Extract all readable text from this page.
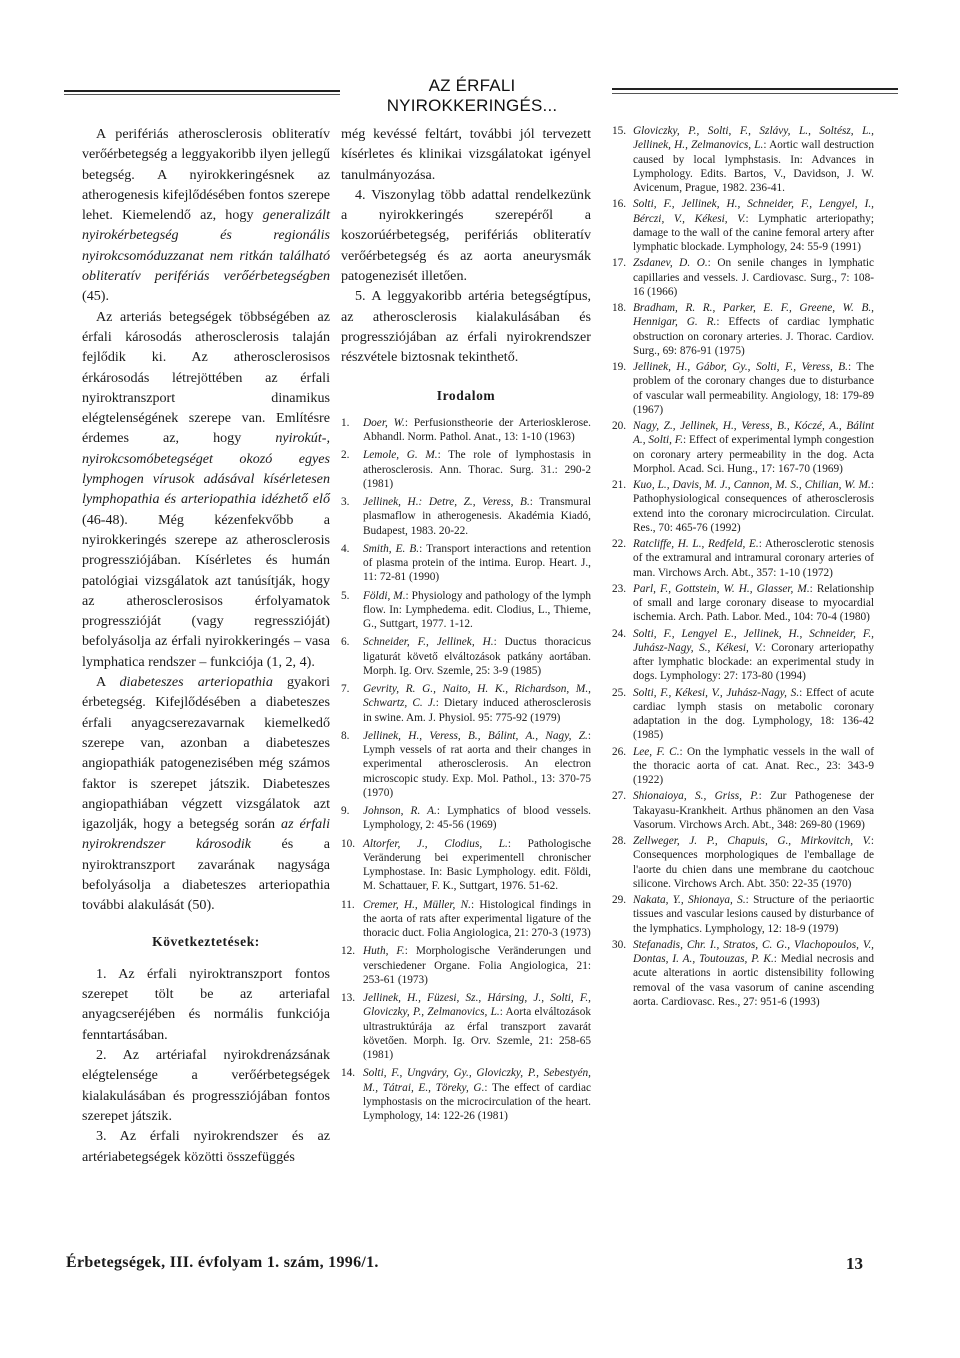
AZ ÉRFALI NYIROKKERINGÉS...

A perifériás atherosclerosis obliteratív verőérbetegség a leggyakoribb ilyen jellegű betegség. A nyirokkeringésnek az atherogenesis kifejlődésében fontos szerepe lehet. Kiemelendő az, hogy generalizált nyirokérbetegség és regionális nyirokcsomóduzzanat nem ritkán található obliteratív perifériás verőérbetegségben (45).

Az arteriás betegségek többségében az érfali károsodás atherosclerosis talaján fejlődik ki. Az atherosclerosisos érkárosodás létrejöttében az érfali nyiroktranszport dinamikus elégtelenségének szerepe van. Említésre érdemes az, hogy nyirokút-, nyirokcsomóbetegséget okozó egyes lymphogen vírusok adásával kísérletesen lymphopathia és arteriopathia idézhető elő (46-48). Még kézenfekvőbb a nyirokkeringés szerepe az atherosclerosis progressziójában. Kísérletes és humán patológiai vizsgálatok azt tanúsítják, hogy az atherosclerosisos érfolyamatok progresszióját (vagy regresszióját) befolyásolja az érfali nyirokkeringés – vasa lymphatica rendszer – funkciója (1, 2, 4).

A diabeteszes arteriopathia gyakori érbetegség. Kifejlődésében a diabeteszes érfali anyagcserezavarnak kiemelkedő szerepe van, azonban a diabeteszes angiopathiák patogenezisében még számos faktor is szerepet játszik. Diabeteszes angiopathiában végzett vizsgálatok azt igazolják, hogy a betegség során az érfali nyirokrendszer károsodik és a nyiroktranszport zavarának nagysága befolyásolja a diabeteszes arteriopathia további alakulását (50).

Következtetések:

1. Az érfali nyiroktranszport fontos szerepet tölt be az arteriafal anyagcseréjében és normális funkciója fenntartásában.

2. Az artériafal nyirokdrenázsának elégtelensége a verőérbetegségek kialakulásában és progressziójában fontos szerepet játszik.

3. Az érfali nyirokrendszer és az artériabetegségek közötti összefüggés

még kevéssé feltárt, további jól tervezett kísérletes és klinikai vizsgálatokat igényel tanulmányozása.

4. Viszonylag több adattal rendelkezünk a nyirokkeringés szerepéről a koszorúérbetegség, perifériás obliteratív verőérbetegség és az aorta aneurysmák patogenezisét illetően.

5. A leggyakoribb artéria betegségtípus, az atherosclerosis kialakulásában és progressziójában az érfali nyirokrendszer részvétele biztosnak tekinthető.

Irodalom
1.	Doer, W.: Perfusionstheorie der Arteriosklerose. Abhandl. Norm. Pathol. Anat., 13: 1-10 (1963)
2.	Lemole, G. M.: The role of lymphostasis in atherosclerosis. Ann. Thorac. Surg. 31.: 290-2 (1981)
3.	Jellinek, H.: Detre, Z., Veress, B.: Transmural plasmaflow in atherogenesis. Akadémia Kiadó, Budapest, 1983. 20-22.
4.	Smith, E. B.: Transport interactions and retention of plasma protein of the intima. Europ. Heart. J., 11: 72-81 (1990)
5.	Földi, M.: Physiology and pathology of the lymph flow. In: Lymphedema. edit. Clodius, L., Thieme, G., Suttgart, 1977. 1-12.
6.	Schneider, F., Jellinek, H.: Ductus thoracicus ligaturát követő elváltozások patkány aortában. Morph. Ig. Orv. Szemle, 25: 3-9 (1985)
7.	Gevrity, R. G., Naito, H. K., Richardson, M., Schwartz, C. J.: Dietary induced atherosclerosis in swine. Am. J. Physiol. 95: 775-92 (1979)
8.	Jellinek, H., Veress, B., Bálint, A., Nagy, Z.: Lymph vessels of rat aorta and their changes in experimental atherosclerosis. An electron microscopic study. Exp. Mol. Pathol., 13: 370-75 (1970)
9.	Johnson, R. A.: Lymphatics of blood vessels. Lymphology, 2: 45-56 (1969)
10. Altorfer, J., Clodius, L.: Pathologische Veränderung bei experimentell chronischer Lymphostase. In: Basic Lymphology. edit. Földi, M. Schattauer, F. K., Suttgart, 1976. 51-62.
11. Cremer, H., Müller, N.: Histological findings in the aorta of rats after experimental ligature of the thoracic duct. Folia Angiologica, 21: 270-3 (1973)
12. Huth, F.: Morphologische Veränderungen und verschiedener Organe. Folia Angiologica, 21: 253-61 (1973)
13. Jellinek, H., Füzesi, Sz., Hársing, J., Solti, F., Gloviczky, P., Zelmanovics, L.: Aorta elváltozások ultrastruktúrája az érfal transzport zavarát követően. Morph. Ig. Orv. Szemle, 21: 258-65 (1981)
14. Solti, F., Ungváry, Gy., Gloviczky, P., Sebestyén, M., Tátrai, E., Töreky, G.: The effect of cardiac lymphostasis on the microcirculation of the heart. Lymphology, 14: 122-26 (1981)
15. Gloviczky, P., Solti, F., Szlávy, L., Soltész, L., Jellinek, H., Zelmanovics, L.: Aortic wall destruction caused by local lymphstasis. In: Advances in Lymphology. Edits. Bartos, V., Davidson, J. W. Avicenum, Prague, 1982. 236-41.
16. Solti, F., Jellinek, H., Schneider, F., Lengyel, I., Bérczi, V., Kékesi, V.: Lymphatic arteriopathy; damage to the wall of the canine femoral artery after lymphatic blockade. Lymphology, 24: 55-9 (1991)
17. Zsdanev, D. O.: On senile changes in lymphatic capillaries and vessels. J. Cardiovasc. Surg., 7: 108-16 (1966)
18. Bradham, R. R., Parker, E. F., Greene, W. B., Hennigar, G. R.: Effects of cardiac lymphatic obstruction on coronary arteries. J. Thorac. Cardiov. Surg., 69: 876-91 (1975)
19. Jellinek, H., Gábor, Gy., Solti, F., Veress, B.: The problem of the coronary changes due to disturbance of vascular wall permeability. Angiology, 18: 179-89 (1967)
20. Nagy, Z., Jellinek, H., Veress, B., Kóczé, A., Bálint A., Solti, F.: Effect of experimental lymph congestion on coronary artery permeability in the dog. Acta Morphol. Acad. Sci. Hung., 17: 167-70 (1969)
21. Kuo, L., Davis, M. J., Cannon, M. S., Chilian, W. M.: Pathophysiological consequences of atherosclerosis extend into the coronary microcirculation. Circulat. Res., 70: 465-76 (1992)
22. Ratcliffe, H. L., Redfeld, E.: Atherosclerotic stenosis of the extramural and intramural coronary arteries of man. Virchows Arch. Abt., 357: 1-10 (1972)
23. Parl, F., Gottstein, W. H., Glasser, M.: Relationship of small and large coronary disease to myocardial ischemia. Arch. Path. Labor. Med., 104: 70-4 (1980)
24. Solti, F., Lengyel E., Jellinek, H., Schneider, F., Juhász-Nagy, S., Kékesi, V.: Coronary arteriopathy after lymphatic blockade: an experimental study in dogs. Lymphology: 27: 173-80 (1994)
25. Solti, F., Kékesi, V., Juhász-Nagy, S.: Effect of acute cardiac lymph stasis on metabolic coronary adaptation in the dog. Lymphology, 18: 136-42 (1985)
26. Lee, F. C.: On the lymphatic vessels in the wall of the thoracic aorta of cat. Anat. Rec., 23: 343-9 (1922)
27. Shionaioya, S., Griss, P.: Zur Pathogenese der Takayasu-Krankheit. Arthus phänomen an den Vasa Vasorum. Virchows Arch. Abt., 348: 269-80 (1969)
28. Zellweger, J. P., Chapuis, G., Mirkovitch, V.: Consequences morphologiques de l'emballage de l'aorte du chien dans une membrane du caotchouc silicone. Virchows Arch. Abt. 350: 22-35 (1970)
29. Nakata, Y., Shionaya, S.: Structure of the periaortic tissues and vascular lesions caused by disturbance of the lymphatics. Lymphology, 12: 18-9 (1979)
30. Stefanadis, Chr. I., Stratos, C. G., Vlachopoulos, V., Dontas, I. A., Toutouzas, P. K.: Medial necrosis and acute alterations in aortic distensibility following removal of the vasa vasorum of canine ascending aorta. Cardiovasc. Res., 27: 951-6 (1993)
Érbetegségek, III. évfolyam 1. szám, 1996/1.	13
